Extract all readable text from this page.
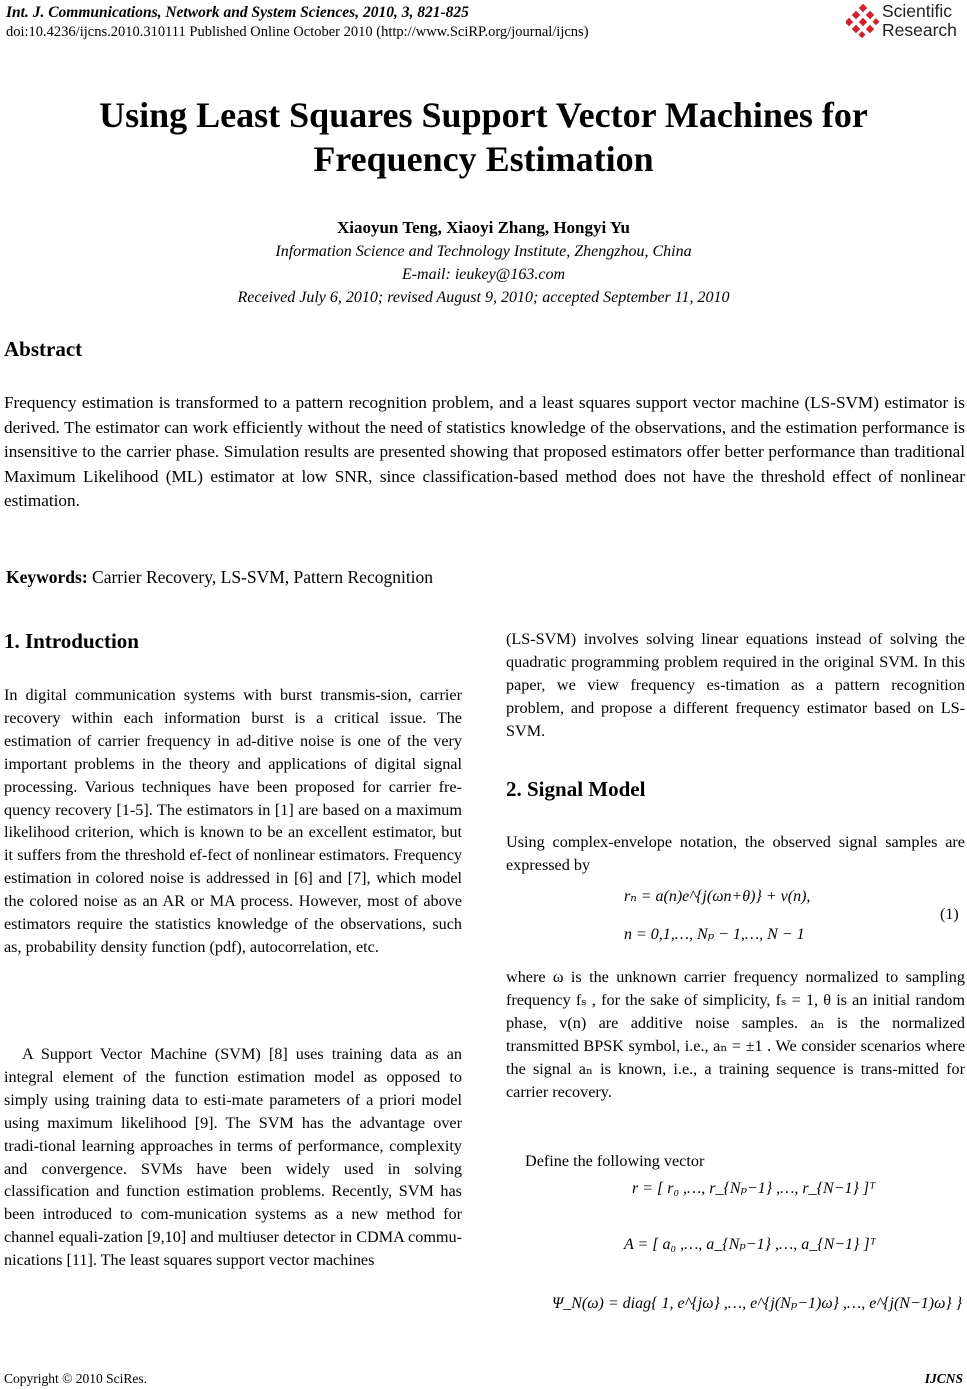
Int. J. Communications, Network and System Sciences, 2010, 3, 821-825
doi:10.4236/ijcns.2010.310111 Published Online October 2010 (http://www.SciRP.org/journal/ijcns)
Scientific
Research
Using Least Squares Support Vector Machines for
Frequency Estimation
Xiaoyun Teng, Xiaoyi Zhang, Hongyi Yu
Information Science and Technology Institute, Zhengzhou, China
E-mail: ieukey@163.com
Received July 6, 2010; revised August 9, 2010; accepted September 11, 2010
Abstract
Frequency estimation is transformed to a pattern recognition problem, and a least squares support vector machine (LS-SVM) estimator is derived. The estimator can work efficiently without the need of statistics knowledge of the observations, and the estimation performance is insensitive to the carrier phase. Simulation results are presented showing that proposed estimators offer better performance than traditional Maximum Likelihood (ML) estimator at low SNR, since classification-based method does not have the threshold effect of nonlinear estimation.
Keywords: Carrier Recovery, LS-SVM, Pattern Recognition
1. Introduction
In digital communication systems with burst transmis-sion, carrier recovery within each information burst is a critical issue. The estimation of carrier frequency in ad-ditive noise is one of the very important problems in the theory and applications of digital signal processing. Various techniques have been proposed for carrier fre-quency recovery [1-5]. The estimators in [1] are based on a maximum likelihood criterion, which is known to be an excellent estimator, but it suffers from the threshold ef-fect of nonlinear estimators. Frequency estimation in colored noise is addressed in [6] and [7], which model the colored noise as an AR or MA process. However, most of above estimators require the statistics knowledge of the observations, such as, probability density function (pdf), autocorrelation, etc.
A Support Vector Machine (SVM) [8] uses training data as an integral element of the function estimation model as opposed to simply using training data to esti-mate parameters of a priori model using maximum likelihood [9]. The SVM has the advantage over tradi-tional learning approaches in terms of performance, complexity and convergence. SVMs have been widely used in solving classification and function estimation problems. Recently, SVM has been introduced to com-munication systems as a new method for channel equali-zation [9,10] and multiuser detector in CDMA commu-nications [11]. The least squares support vector machines
(LS-SVM) involves solving linear equations instead of solving the quadratic programming problem required in the original SVM. In this paper, we view frequency es-timation as a pattern recognition problem, and propose a different frequency estimator based on LS-SVM.
2. Signal Model
Using complex-envelope notation, the observed signal samples are expressed by
rₙ = a(n)e^{j(ωn+θ)} + v(n),
n = 0,1,…, Nₚ − 1,…, N − 1
(1)
where ω is the unknown carrier frequency normalized to sampling frequency fₛ , for the sake of simplicity, fₛ = 1, θ is an initial random phase, v(n) are additive noise samples. aₙ is the normalized transmitted BPSK symbol, i.e., aₙ = ±1 . We consider scenarios where the signal aₙ is known, i.e., a training sequence is trans-mitted for carrier recovery.
Define the following vector
r = [ r₀ ,…, r_{Nₚ−1} ,…, r_{N−1} ]ᵀ
A = [ a₀ ,…, a_{Nₚ−1} ,…, a_{N−1} ]ᵀ
Ψ_N(ω) = diag{ 1, e^{jω} ,…, e^{j(Nₚ−1)ω} ,…, e^{j(N−1)ω} }
Copyright © 2010 SciRes.	IJCNS
